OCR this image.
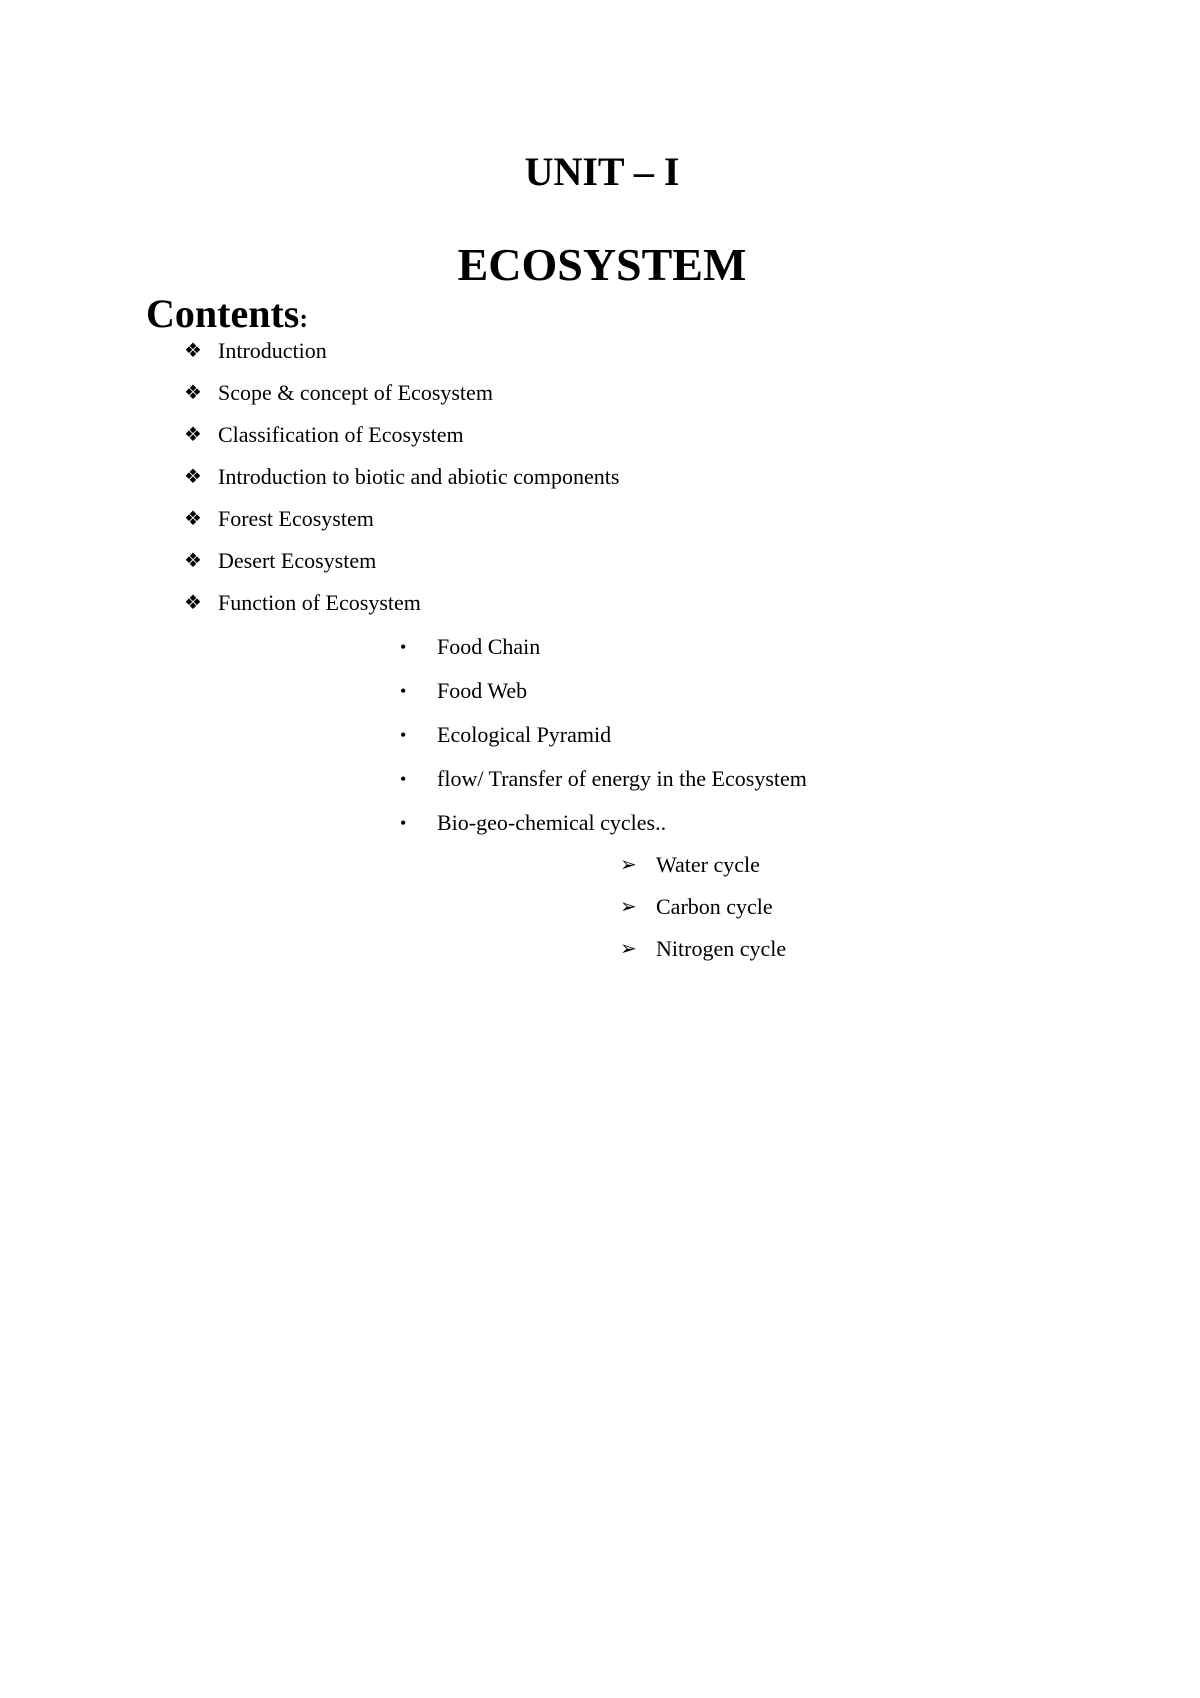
UNIT – I
ECOSYSTEM
Contents:
❖ Introduction
❖ Scope & concept of Ecosystem
❖ Classification of Ecosystem
❖ Introduction to biotic and abiotic components
❖ Forest Ecosystem
❖ Desert Ecosystem
❖ Function of Ecosystem
•	Food Chain
•	Food Web
•	Ecological Pyramid
•	flow/ Transfer of energy in the Ecosystem
•	Bio-geo-chemical cycles..
➢ Water cycle
➢ Carbon cycle
➢ Nitrogen cycle
